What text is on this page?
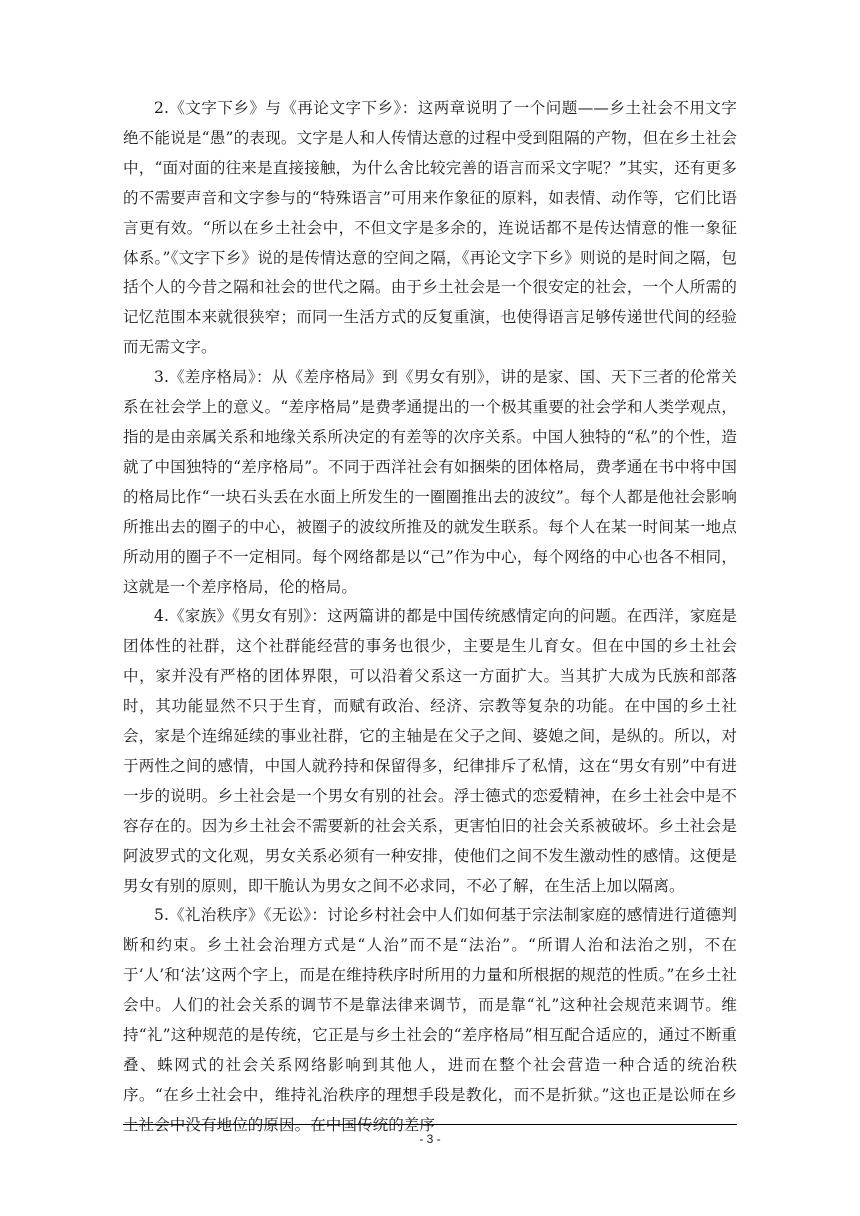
2.《文字下乡》与《再论文字下乡》：这两章说明了一个问题——乡土社会不用文字绝不能说是“愚”的表现。文字是人和人传情达意的过程中受到阻隔的产物，但在乡土社会中，“面对面的往来是直接接触，为什么舍比较完善的语言而采文字呢？”其实，还有更多的不需要声音和文字参与的“特殊语言”可用来作象征的原料，如表情、动作等，它们比语言更有效。“所以在乡土社会中，不但文字是多余的，连说话都不是传达情意的惟一象征体系。”《文字下乡》说的是传情达意的空间之隔，《再论文字下乡》则说的是时间之隔，包括个人的今昔之隔和社会的世代之隔。由于乡土社会是一个很安定的社会，一个人所需的记忆范围本来就很狭窄；而同一生活方式的反复重演，也使得语言足够传递世代间的经验而无需文字。

3.《差序格局》：从《差序格局》到《男女有别》，讲的是家、国、天下三者的伦常关系在社会学上的意义。“差序格局”是费孝通提出的一个极其重要的社会学和人类学观点，指的是由亲属关系和地缘关系所决定的有差等的次序关系。中国人独特的“私”的个性，造就了中国独特的“差序格局”。不同于西洋社会有如捆柴的团体格局，费孝通在书中将中国的格局比作“一块石头丢在水面上所发生的一圈圈推出去的波纹”。每个人都是他社会影响所推出去的圈子的中心，被圈子的波纹所推及的就发生联系。每个人在某一时间某一地点所动用的圈子不一定相同。每个网络都是以“己”作为中心，每个网络的中心也各不相同，这就是一个差序格局，伦的格局。

4.《家族》《男女有别》：这两篇讲的都是中国传统感情定向的问题。在西洋，家庭是团体性的社群，这个社群能经营的事务也很少，主要是生儿育女。但在中国的乡土社会中，家并没有严格的团体界限，可以沿着父系这一方面扩大。当其扩大成为氏族和部落时，其功能显然不只于生育，而赋有政治、经济、宗教等复杂的功能。在中国的乡土社会，家是个连绵延续的事业社群，它的主轴是在父子之间、婆媳之间，是纵的。所以，对于两性之间的感情，中国人就矜持和保留得多，纪律排斥了私情，这在“男女有别”中有进一步的说明。乡土社会是一个男女有别的社会。浮士德式的恋爱精神，在乡土社会中是不容存在的。因为乡土社会不需要新的社会关系，更害怕旧的社会关系被破坏。乡土社会是阿波罗式的文化观，男女关系必须有一种安排，使他们之间不发生激动性的感情。这便是男女有别的原则，即干脆认为男女之间不必求同，不必了解，在生活上加以隔离。

5.《礼治秩序》《无讼》：讨论乡村社会中人们如何基于宗法制家庭的感情进行道德判断和约束。乡土社会治理方式是“人治”而不是“法治”。“所谓人治和法治之别，不在于‘人’和‘法’这两个字上，而是在维持秩序时所用的力量和所根据的规范的性质。”在乡土社会中。人们的社会关系的调节不是靠法律来调节，而是靠“礼”这种社会规范来调节。维持“礼”这种规范的是传统，它正是与乡土社会的“差序格局”相互配合适应的，通过不断重叠、蛛网式的社会关系网络影响到其他人，进而在整个社会营造一种合适的统治秩序。“在乡土社会中，维持礼治秩序的理想手段是教化，而不是折狱。”这也正是讼师在乡土社会中没有地位的原因。在中国传统的差序

- 3 -
